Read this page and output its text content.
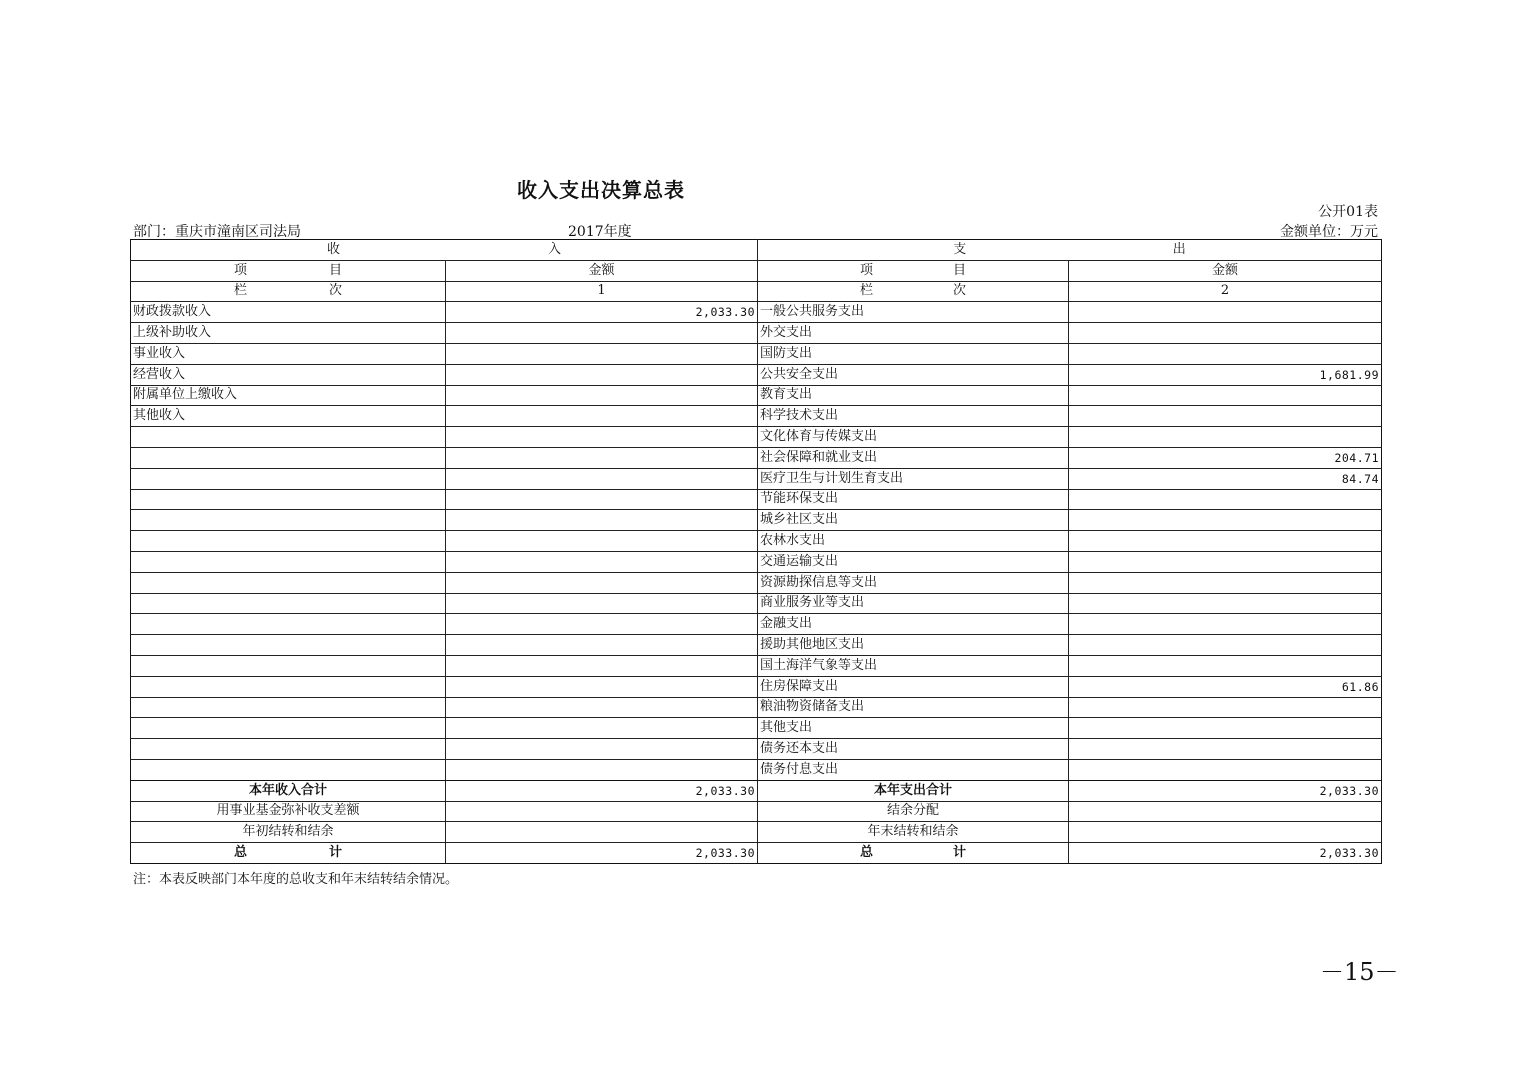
收入支出决算总表
公开01表
部门：重庆市潼南区司法局	2017年度	金额单位：万元
收 入		支 出	

项 目	金额	项 目	金额

栏 次	1	栏 次	2
财政拨款收入	2,033.30	一般公共服务支出	
上级补助收入		外交支出	
事业收入		国防支出	
经营收入		公共安全支出	1,681.99
附属单位上缴收入		教育支出	
其他收入		科学技术支出	
		文化体育与传媒支出	
		社会保障和就业支出	204.71
		医疗卫生与计划生育支出	84.74
		节能环保支出	
		城乡社区支出	
		农林水支出	
		交通运输支出	
		资源勘探信息等支出	
		商业服务业等支出	
		金融支出	
		援助其他地区支出	
		国土海洋气象等支出	
		住房保障支出	61.86
		粮油物资储备支出	
		其他支出	
		债务还本支出	
		债务付息支出	
本年收入合计	2,033.30	本年支出合计	2,033.30
用事业基金弥补收支差额		结余分配	
年初结转和结余		年末结转和结余	

总 计	2,033.30	总 计	2,033.30
注：本表反映部门本年度的总收支和年末结转结余情况。
－15－
